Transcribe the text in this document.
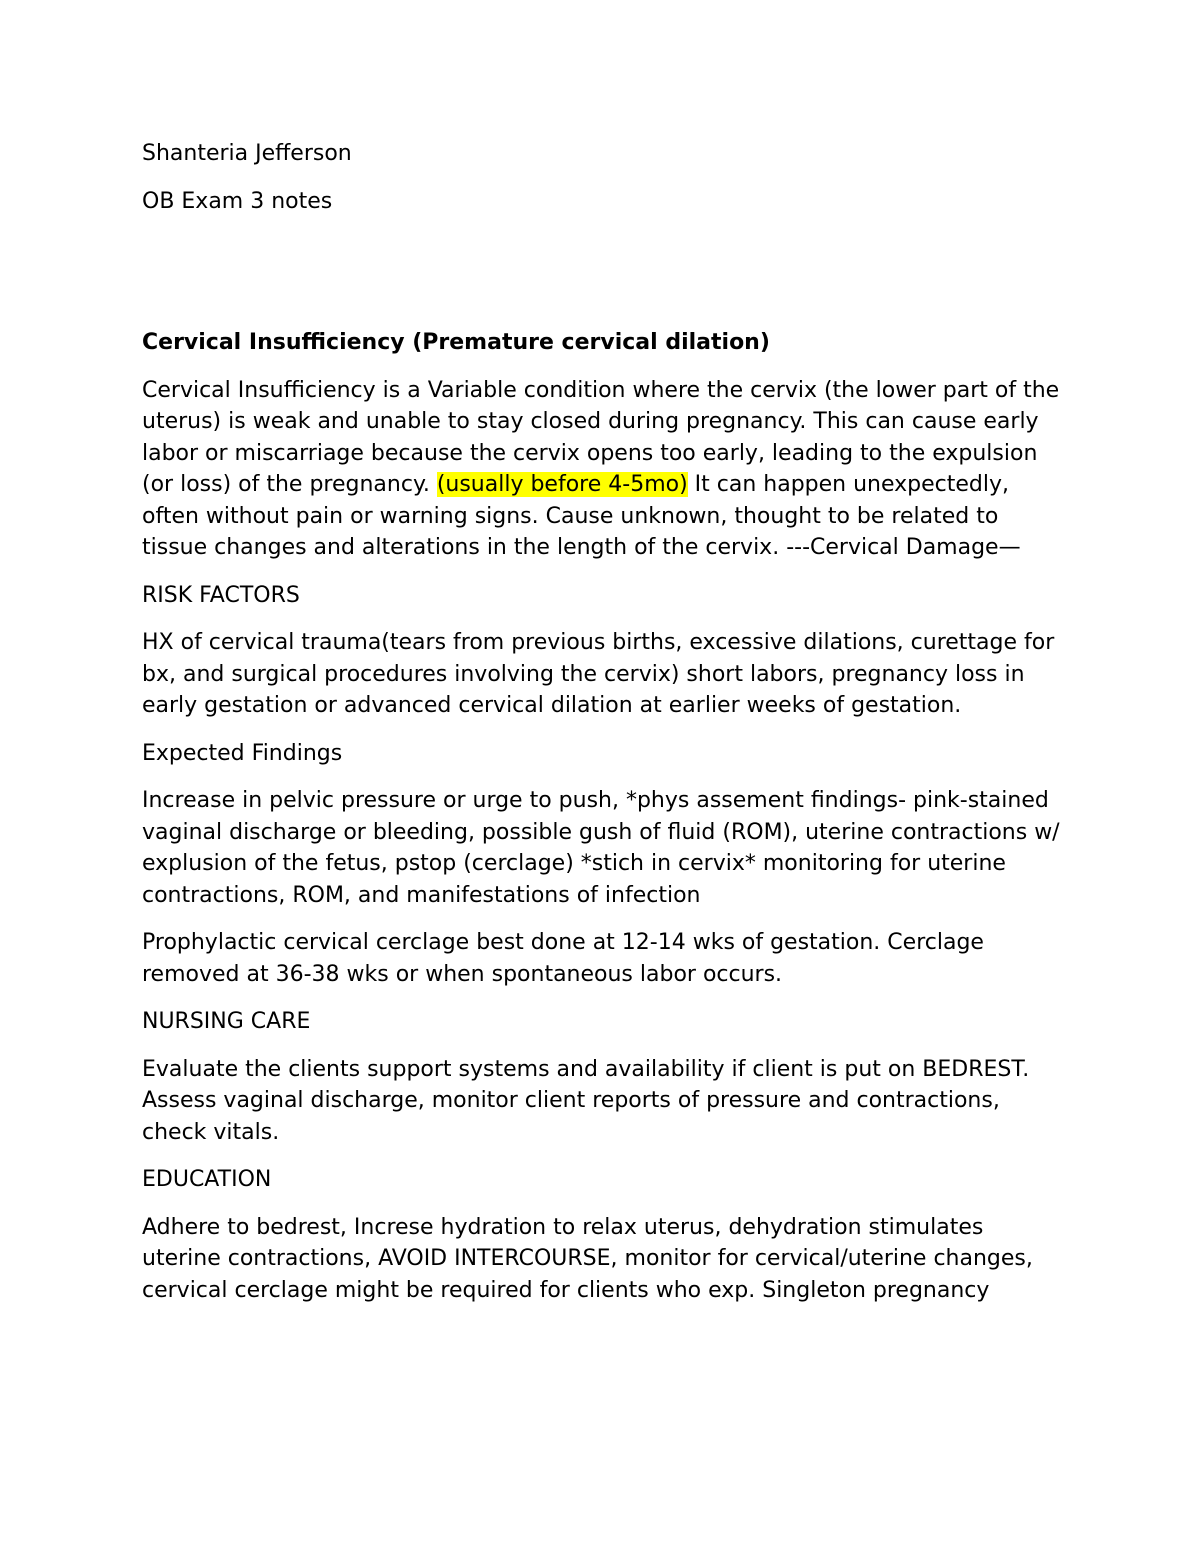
Shanteria Jefferson

OB Exam 3 notes

Cervical Insufficiency (Premature cervical dilation)

Cervical Insufficiency is a Variable condition where the cervix (the lower part of the uterus) is weak and unable to stay closed during pregnancy. This can cause early labor or miscarriage because the cervix opens too early, leading to the expulsion (or loss) of the pregnancy. (usually before 4-5mo) It can happen unexpectedly, often without pain or warning signs. Cause unknown, thought to be related to tissue changes and alterations in the length of the cervix. ---Cervical Damage—

RISK FACTORS

HX of cervical trauma(tears from previous births, excessive dilations, curettage for bx, and surgical procedures involving the cervix) short labors, pregnancy loss in early gestation or advanced cervical dilation at earlier weeks of gestation.

Expected Findings

Increase in pelvic pressure or urge to push, *phys assement findings- pink-stained vaginal discharge or bleeding, possible gush of fluid (ROM), uterine contractions w/ explusion of the fetus, pstop (cerclage) *stich in cervix* monitoring for uterine contractions, ROM, and manifestations of infection

Prophylactic cervical cerclage best done at 12-14 wks of gestation. Cerclage removed at 36-38 wks or when spontaneous labor occurs.

NURSING CARE

Evaluate the clients support systems and availability if client is put on BEDREST. Assess vaginal discharge, monitor client reports of pressure and contractions, check vitals.

EDUCATION

Adhere to bedrest, Increse hydration to relax uterus, dehydration stimulates uterine contractions, AVOID INTERCOURSE, monitor for cervical/uterine changes, cervical cerclage might be required for clients who exp. Singleton pregnancy
